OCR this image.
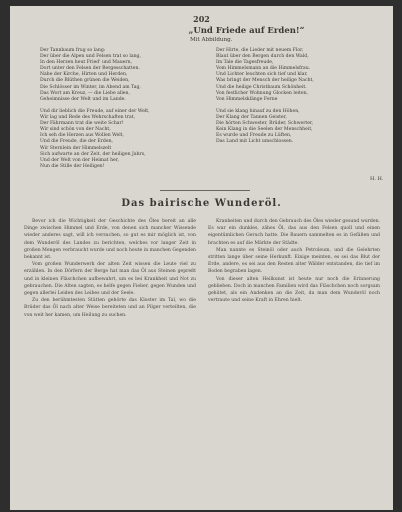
202
„Und Friede auf Erden!“
Mit Abbildung.
Der Tannbaum frug so lang:
Der über die Alpen und Felsen trat so lang,
In den Herzen heut Fried' und Mauern,
Dort unter den Felsen der Bergesschatten.
Nahe der Kirche, Hirten und Herden,
Durch die Blüthen grünen die Weiden,
Die Schlösser im Winter, im Abend am Tag,
Das Wort am Kreuz, — die Liebe allen,
Geheimnisse der Welt und im Lande.
Und dir lieblich die Freude, auf einer der Welt,
Wir lag und Rede des Wehrschaften trat,
Der Fährmann trat die weite Schar!
Wir sind schön von der Nacht,
Ich seh die Herzen aus Wollen Welt,
Und die Freude, die der Erden,
Wir Sternlein der Himmelszelt
Sich aufwarte an der Zeit, der heiligen Jahrs,
Und der Welt von der Heimat her,
Nun die Stille der Heiligen!
Der Hirte, die Lieder mit neuem Flor,
Blaut über den Bergen durch den Wald,
Im Tale die Tagesfreude,
Vom Himmelsmann an die Himmelsfrau.
Und Lichter leuchten sich tief und klar,
Was bringt der Mensch der heilige Nacht,
Und die heilige Christbaum Schönheit.
Von festlicher Wohnung Glocken leiten,
Von Himmelsklänge Ferne
Und sie klang hinauf zu den Höhen,
Der Klang der Tannen Geister,
Die hörten Schwester, Brüder, Schwerter,
Kein Klang in die Seelen der Menschheit,
Es wurde und Freude zu Lüften,
Das Land mit Licht umschlossen.
H. H.
Das bairische Wunderöl.

Bevor ich die Wichtigkeit der Geschichte des Öles bereit an alle Dinge zwischen Himmel und Erde, von denen sich mancher Wissende wieder anderes sagt, will ich versuchen, so gut es mir möglich ist, von dem Wunderöl des Landes zu berichten, welches vor langer Zeit in großen Mengen verbraucht wurde und noch heute in manchen Gegenden bekannt ist.

Vom großen Wunderwerk der alten Zeit wissen die Leute viel zu erzählen. In den Dörfern der Berge hat man das Öl aus Steinen gepreßt und in kleinen Fläschchen aufbewahrt, um es bei Krankheit und Not zu gebrauchen. Die Alten sagten, es helfe gegen Fieber, gegen Wunden und gegen allerlei Leiden des Leibes und der Seele.

Zu den berühmtesten Stätten gehörte das Kloster im Tal, wo die Brüder das Öl nach alter Weise bereiteten und an Pilger verteilten, die von weit her kamen, um Heilung zu suchen.

Kranheiten und durch den Gebrauch des Öles wieder gesund wurden. Es war ein dunkles, zähes Öl, das aus den Felsen quoll und einen eigentümlichen Geruch hatte. Die Bauern sammelten es in Gefäßen und brachten es auf die Märkte der Städte.

Man nannte es Steinöl oder auch Petroleum, und die Gelehrten stritten lange über seine Herkunft. Einige meinten, es sei das Blut der Erde, andere, es sei aus den Resten alter Wälder entstanden, die tief im Boden begraben lagen.

Von dieser alten Heilkunst ist heute nur noch die Erinnerung geblieben. Doch in manchen Familien wird das Fläschchen noch sorgsam gehütet, als ein Andenken an die Zeit, da man dem Wunderöl noch vertraute und seine Kraft in Ehren hielt.
